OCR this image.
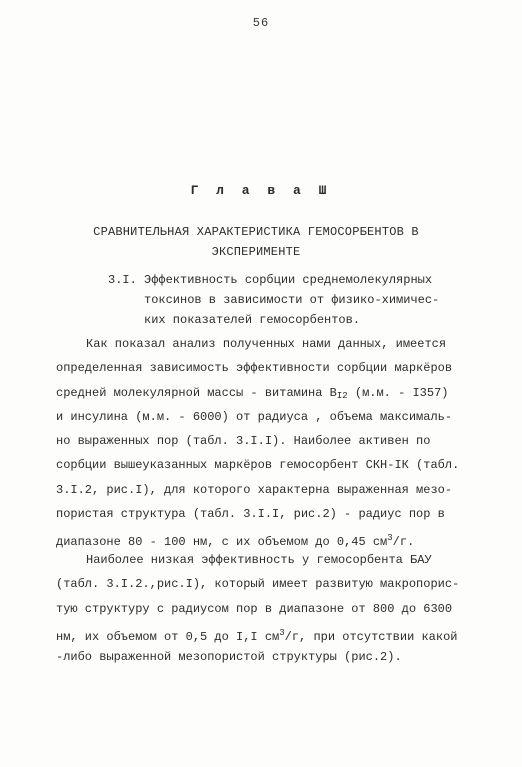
56
Г л а в а Ш
СРАВНИТЕЛЬНАЯ ХАРАКТЕРИСТИКА ГЕМОСОРБЕНТОВ В
ЭКСПЕРИМЕНТЕ
3.I. Эффективность сорбции среднемолекулярных
токсинов в зависимости от физико-химичес-
ких показателей гемосорбентов.
Как показал анализ полученных нами данных, имеется
определенная зависимость эффективности сорбции маркёров
средней молекулярной массы - витамина $В_{I2}$ (м.м. - I357)
и инсулина (м.м. - 6000) от радиуса , объема максималь-
но выраженных пор (табл. 3.I.I). Наиболее активен по
сорбции вышеуказанных маркёров гемосорбент СКН-IК (табл.
3.I.2, рис.I), для которого характерна выраженная мезо-
пористая структура (табл. 3.I.I, рис.2) - радиус пор в
диапазоне 80 - 100 нм, с их объемом до 0,45 $см^3/г$.
Наиболее низкая эффективность у гемосорбента БАУ
(табл. 3.I.2.,рис.I), который имеет развитую макропорис-
тую структуру с радиусом пор в диапазоне от 800 до 6300
нм, их объемом от 0,5 до I,I $см^3/г$, при отсутствии какой
-либо выраженной мезопористой структуры (рис.2).
